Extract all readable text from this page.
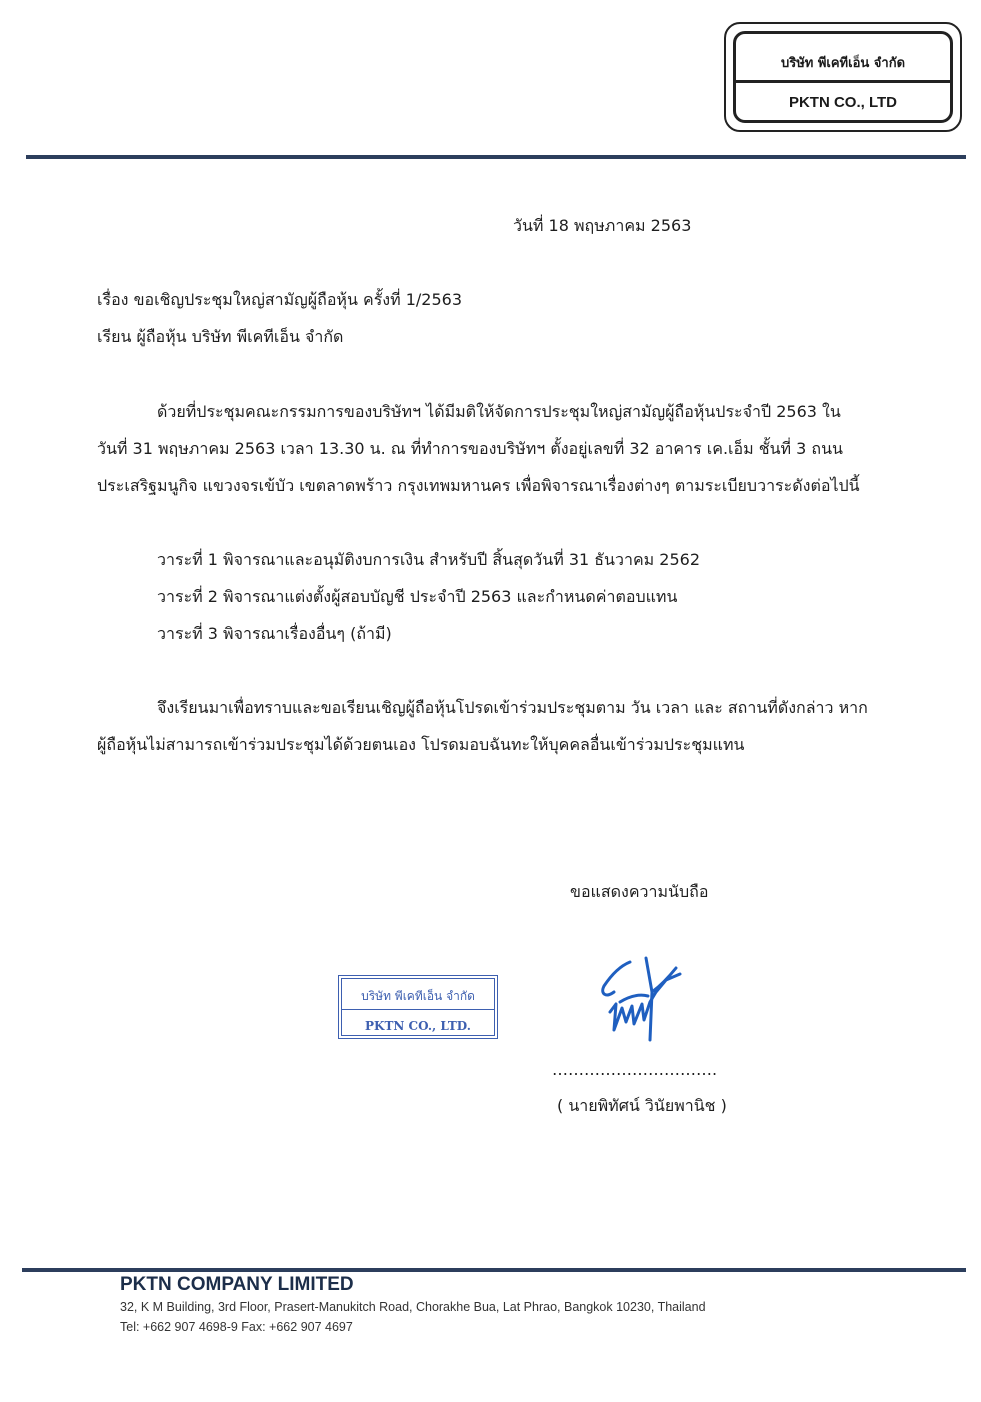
บริษัท พีเคทีเอ็น จำกัด
PKTN CO., LTD
วันที่ 18 พฤษภาคม 2563
เรื่อง ขอเชิญประชุมใหญ่สามัญผู้ถือหุ้น ครั้งที่ 1/2563
เรียน ผู้ถือหุ้น บริษัท พีเคทีเอ็น จำกัด
ด้วยที่ประชุมคณะกรรมการของบริษัทฯ ได้มีมติให้จัดการประชุมใหญ่สามัญผู้ถือหุ้นประจำปี 2563 ใน
วันที่ 31 พฤษภาคม 2563 เวลา 13.30 น. ณ ที่ทำการของบริษัทฯ ตั้งอยู่เลขที่ 32 อาคาร เค.เอ็ม ชั้นที่ 3 ถนน
ประเสริฐมนูกิจ แขวงจรเข้บัว เขตลาดพร้าว กรุงเทพมหานคร เพื่อพิจารณาเรื่องต่างๆ ตามระเบียบวาระดังต่อไปนี้
วาระที่ 1 พิจารณาและอนุมัติงบการเงิน สำหรับปี สิ้นสุดวันที่ 31 ธันวาคม 2562
วาระที่ 2 พิจารณาแต่งตั้งผู้สอบบัญชี ประจำปี 2563 และกำหนดค่าตอบแทน
วาระที่ 3 พิจารณาเรื่องอื่นๆ (ถ้ามี)
จึงเรียนมาเพื่อทราบและขอเรียนเชิญผู้ถือหุ้นโปรดเข้าร่วมประชุมตาม วัน เวลา และ สถานที่ดังกล่าว หาก
ผู้ถือหุ้นไม่สามารถเข้าร่วมประชุมได้ด้วยตนเอง โปรดมอบฉันทะให้บุคคลอื่นเข้าร่วมประชุมแทน
ขอแสดงความนับถือ
บริษัท พีเคทีเอ็น จำกัด
PKTN CO., LTD.
………………………….
( นายพิทัศน์ วินัยพานิช )
PKTN COMPANY LIMITED
32, K M Building, 3rd Floor, Prasert-Manukitch Road, Chorakhe Bua, Lat Phrao, Bangkok 10230, Thailand
Tel: +662 907 4698-9 Fax: +662 907 4697
